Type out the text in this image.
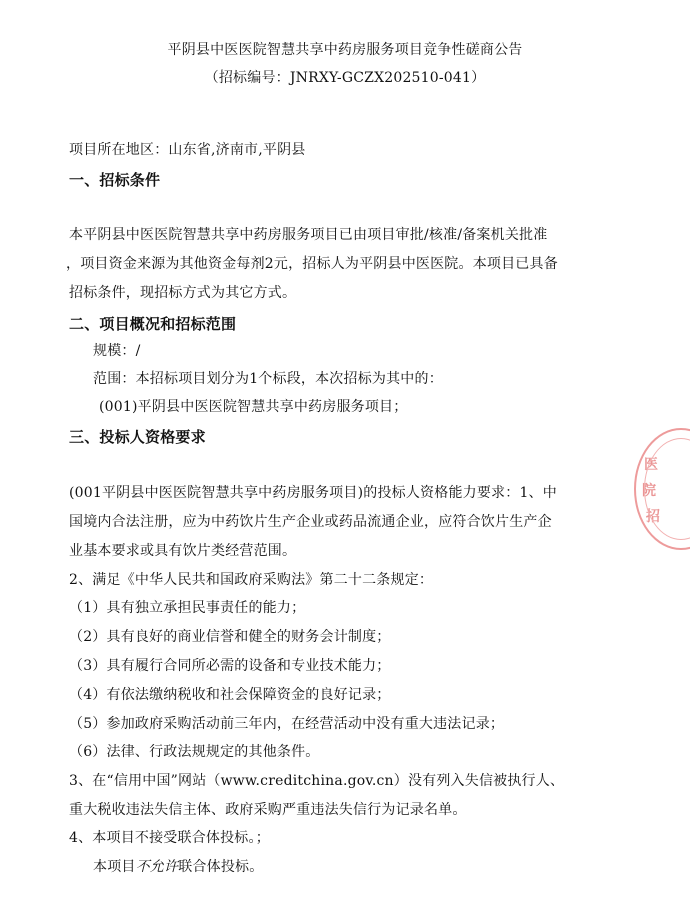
平阴县中医医院智慧共享中药房服务项目竞争性磋商公告
（招标编号：JNRXY-GCZX202510-041）
项目所在地区：山东省,济南市,平阴县
一、招标条件
本平阴县中医医院智慧共享中药房服务项目已由项目审批/核准/备案机关批准
，项目资金来源为其他资金每剂2元，招标人为平阴县中医医院。本项目已具备
招标条件，现招标方式为其它方式。
二、项目概况和招标范围
规模：/
范围：本招标项目划分为1个标段，本次招标为其中的：
(001)平阴县中医医院智慧共享中药房服务项目；
三、投标人资格要求
(001平阴县中医医院智慧共享中药房服务项目)的投标人资格能力要求：1、中
国境内合法注册，应为中药饮片生产企业或药品流通企业，应符合饮片生产企
业基本要求或具有饮片类经营范围。
2、满足《中华人民共和国政府采购法》第二十二条规定：
（1）具有独立承担民事责任的能力；
（2）具有良好的商业信誉和健全的财务会计制度；
（3）具有履行合同所必需的设备和专业技术能力；
（4）有依法缴纳税收和社会保障资金的良好记录；
（5）参加政府采购活动前三年内，在经营活动中没有重大违法记录；
（6）法律、行政法规规定的其他条件。
3、在“信用中国”网站（www.creditchina.gov.cn）没有列入失信被执行人、
重大税收违法失信主体、政府采购严重违法失信行为记录名单。
4、本项目不接受联合体投标。；
本项目不允许联合体投标。
医
院
招
